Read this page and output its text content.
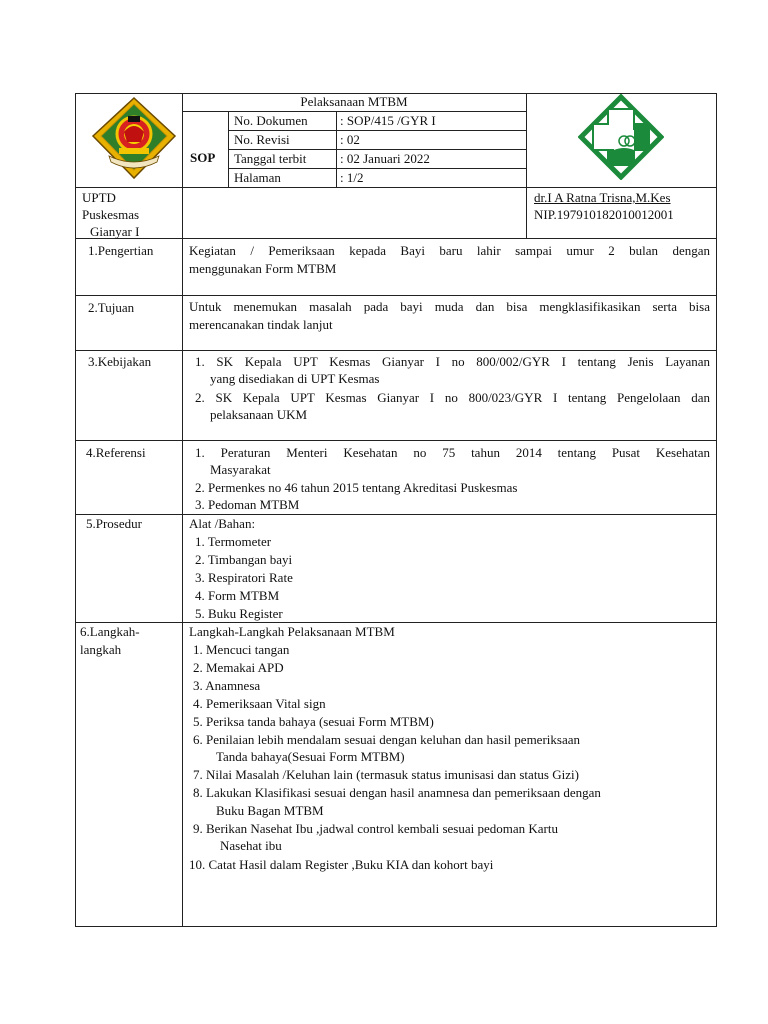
Pelaksanaan MTBM
SOP
No. Dokumen : SOP/415 /GYR I
No. Revisi	: 02
Tanggal terbit	: 02 Januari 2022
Halaman	: 1/2
UPTD
Puskesmas
Gianyar I
dr.I A Ratna Trisna,M.Kes
NIP.197910182010012001
1.Pengertian	Kegiatan / Pemeriksaan kepada Bayi baru lahir sampai umur 2 bulan dengan
menggunakan Form MTBM
2.Tujuan	Untuk menemukan masalah pada bayi muda dan bisa mengklasifikasikan serta bisa
merencanakan tindak lanjut
3.Kebijakan	1. SK Kepala UPT Kesmas Gianyar I no 800/002/GYR I tentang Jenis Layanan
yang disediakan di UPT Kesmas
2. SK Kepala UPT Kesmas Gianyar I no 800/023/GYR I tentang Pengelolaan dan
pelaksanaan UKM
4.Referensi	1. Peraturan Menteri Kesehatan no 75 tahun 2014 tentang Pusat Kesehatan
Masyarakat
2. Permenkes no 46 tahun 2015 tentang Akreditasi Puskesmas
3. Pedoman MTBM
5.Prosedur	Alat /Bahan:
1. Termometer
2. Timbangan bayi
3. Respiratori Rate
4. Form MTBM
5. Buku Register
6.Langkah-
langkah
Langkah-Langkah Pelaksanaan MTBM
1. Mencuci tangan
2. Memakai APD
3. Anamnesa
4. Pemeriksaan Vital sign
5. Periksa tanda bahaya (sesuai Form MTBM)
6. Penilaian lebih mendalam sesuai dengan keluhan dan hasil pemeriksaan
Tanda bahaya(Sesuai Form MTBM)
7. Nilai Masalah /Keluhan lain (termasuk status imunisasi dan status Gizi)
8. Lakukan Klasifikasi sesuai dengan hasil anamnesa dan pemeriksaan dengan
Buku Bagan MTBM
9. Berikan Nasehat Ibu ,jadwal control kembali sesuai pedoman Kartu
Nasehat ibu
10. Catat Hasil dalam Register ,Buku KIA dan kohort bayi
